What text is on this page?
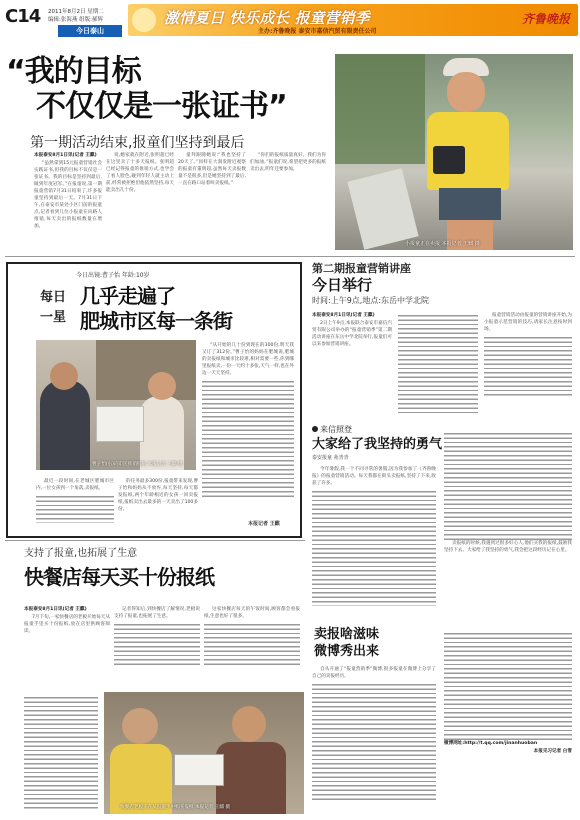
C14 2011年8月2日 星期二
编辑:张海燕 组版:郝辉
今日泰山
激情夏日 快乐成长 报童营销季
主办:齐鲁晚报 泰安市嘉信汽贸有限责任公司
齐鲁晚报
“我的目标
不仅仅是一张证书”
第一期活动结束,报童们坚持到最后

本报泰安8月1日讯(记者 王麒)

“虽然拿到15元报童营销社会实践证书,但我的目标不仅仅是一张证书。我的目标是坚持到最后,做到年度冠军。”在报童说,第一期报童营销7月31日结束了,许多报童坚持到最后一天。7月31日下午,在泰安市某处小区门前的报童点,记者看到几位小报童在向路人推销,每天卖出的报纸数量在增加。

说,她家就在附近,张明超已经在这里卖了十多天报纸。张明超已经记得报童的推销方式,也学会了看人脸色,碰到年轻人就主动上前,经常被拒绝但他依然坚持,每天能卖出几十份。

童拜跟随她说:“我也坚持了20天了。”同样在大润发附近观察的报童有董明超,虽然每天卖报数量不是很多,但是她坚持到了最后,一直在路口站着叫卖报纸。”

“你们的报纸质量真好。我们为你们加油。”报童们说,希望把更多的报纸卖出去,明年还要参加。

小报童正在卖报 本报记者 王麒 摄
今日出镜:曹子怡 年龄:10岁
每日
一星
几乎走遍了
肥城市区每一条街
曹子怡(右)向市民推销报纸 本报记者 王麒 摄

“从开始的几十份到现在的300份,明天我又订了312份。”曹子怡的妈妈在肥城说,肥城的卖报纸和城市比较难,相对需要一些,你到哪里报纸卖,一份一天约十多张,天气一样,也在外边一天天坚持。

最近一段时间,在老城区肥城市区内,一位女孩到一个角落,卖报纸。

的任务最多300份,报童带来发现,曹子怡和妈妈从不放弃,每天坚持,每天都发报纸,两个年龄相近的女孩一同卖报纸,报纸卖出去最多的一天卖出了100多份。

本报记者 王麒
第二期报童营销讲座
今日举行
时间:上午9点,地点:东岳中学北院

本报泰安8月1日讯(记者 王麒)

2日上午9点,本报联合泰安市嘉信汽贸有限公司举办的“报童营销季”第二期活动讲座在东岳中学北院举行,报童们可以来参加营销讲座。

报童营销活动由报童的营销讲座开始,为小报童示范营销的技巧,请家长注意按时到场。

来信照登
大家给了我坚持的勇气
泰安报童 苑青青

今年暑假,我一个不同寻常的暑假,因为我参加了《齐鲁晚报》的报童营销活动。每天我都在街头卖报纸,坚持了下来,收获了许多。

卖报纸的时候,我遇到过很多好心人,他们买我的报纸,鼓励我坚持下去。大家给了我坚持的勇气,我会把这段经历记在心里。

支持了报童,也拓展了生意
快餐店每天买十份报纸

本报泰安8月1日讯(记者 王麒)

7月下旬,一家快餐店的老板开始每天从报童手里买十份报纸,放在店里供顾客阅读。

记者得知后,到快餐店了解情况,老板说支持了报童,也拓展了生意。

这家快餐店每天的午饭时间,顾客都会看报纸,生意也好了很多。

快餐店老板正在从报童手中购买报纸 本报记者 王麒 摄
卖报啥滋味
微博秀出来

自从开通了“报童营销季”微博,很多报童在微博上分享了自己的卖报经历。

微博网址:http://t.qq.com/jinanhuoban

本报见习记者 白雪
